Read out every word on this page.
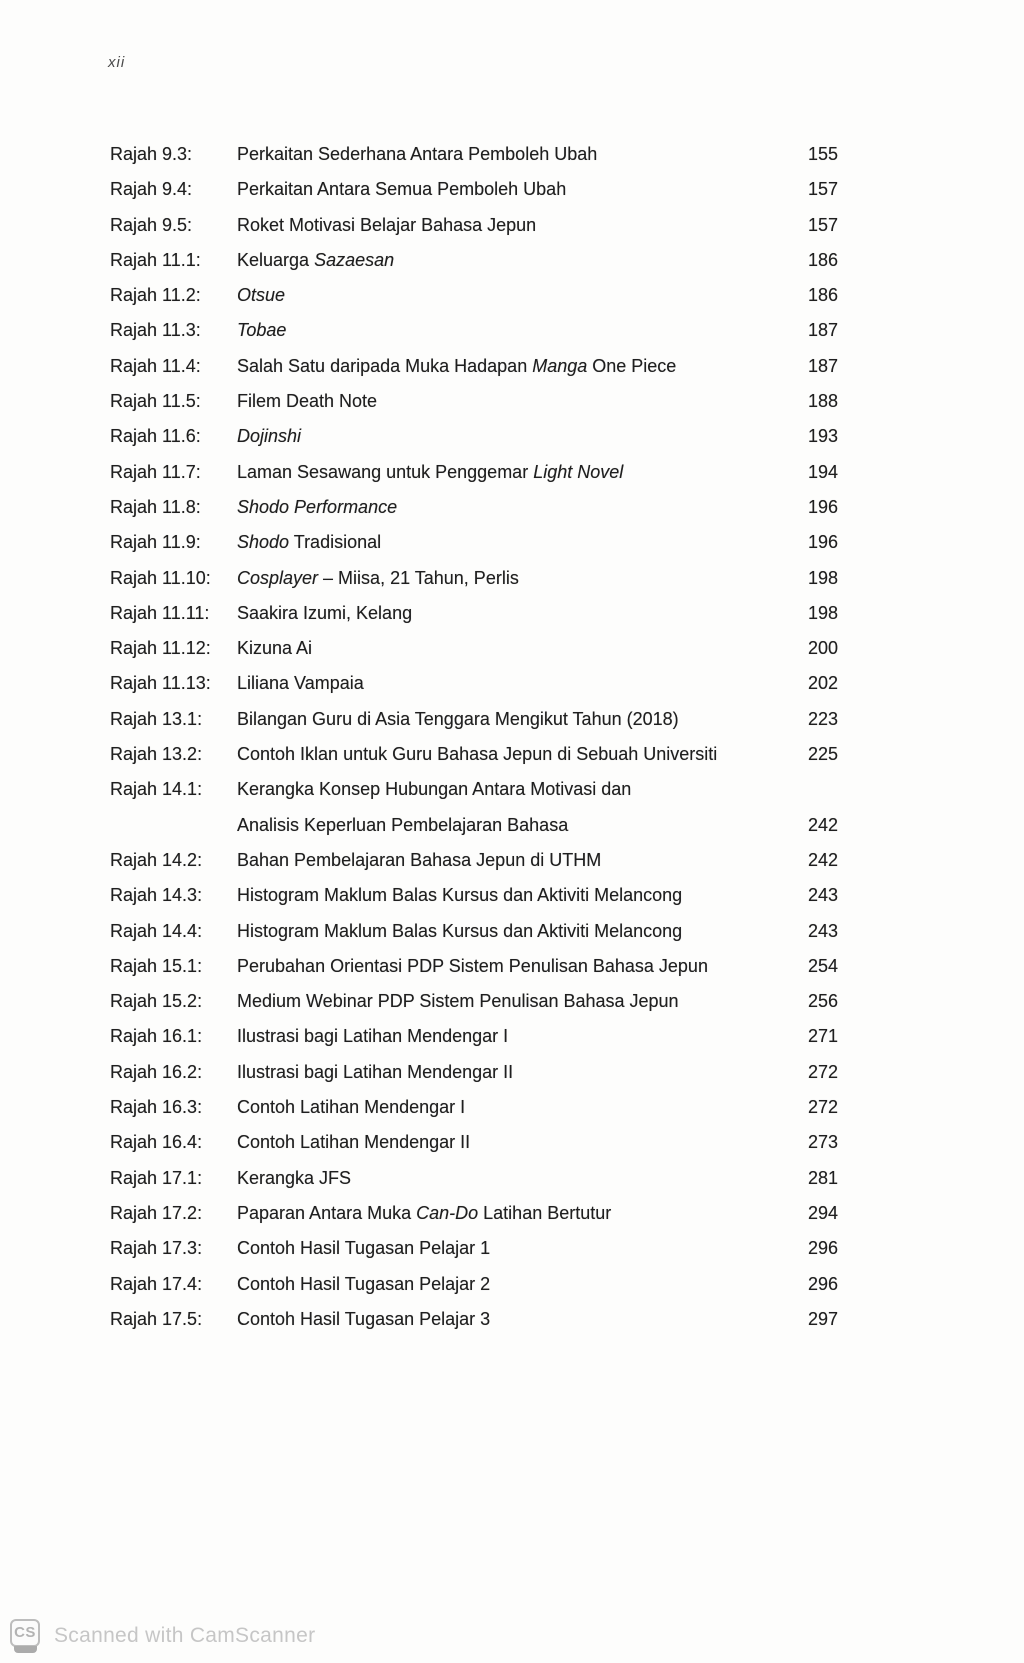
xii
Rajah 9.3:	Perkaitan Sederhana Antara Pemboleh Ubah	155
Rajah 9.4:	Perkaitan Antara Semua Pemboleh Ubah	157
Rajah 9.5:	Roket Motivasi Belajar Bahasa Jepun	157
Rajah 11.1:	Keluarga Sazaesan	186
Rajah 11.2:	Otsue	186
Rajah 11.3:	Tobae	187
Rajah 11.4:	Salah Satu daripada Muka Hadapan Manga One Piece	187
Rajah 11.5:	Filem Death Note	188
Rajah 11.6:	Dojinshi	193
Rajah 11.7:	Laman Sesawang untuk Penggemar Light Novel	194
Rajah 11.8:	Shodo Performance	196
Rajah 11.9:	Shodo Tradisional	196
Rajah 11.10:	Cosplayer – Miisa, 21 Tahun, Perlis	198
Rajah 11.11:	Saakira Izumi, Kelang	198
Rajah 11.12:	Kizuna Ai	200
Rajah 11.13:	Liliana Vampaia	202
Rajah 13.1:	Bilangan Guru di Asia Tenggara Mengikut Tahun (2018)	223
Rajah 13.2:	Contoh Iklan untuk Guru Bahasa Jepun di Sebuah Universiti	225
Rajah 14.1:	Kerangka Konsep Hubungan Antara Motivasi dan
Analisis Keperluan Pembelajaran Bahasa	242
Rajah 14.2:	Bahan Pembelajaran Bahasa Jepun di UTHM	242
Rajah 14.3:	Histogram Maklum Balas Kursus dan Aktiviti Melancong	243
Rajah 14.4:	Histogram Maklum Balas Kursus dan Aktiviti Melancong	243
Rajah 15.1:	Perubahan Orientasi PDP Sistem Penulisan Bahasa Jepun	254
Rajah 15.2:	Medium Webinar PDP Sistem Penulisan Bahasa Jepun	256
Rajah 16.1:	Ilustrasi bagi Latihan Mendengar I	271
Rajah 16.2:	Ilustrasi bagi Latihan Mendengar II	272
Rajah 16.3:	Contoh Latihan Mendengar I	272
Rajah 16.4:	Contoh Latihan Mendengar II	273
Rajah 17.1:	Kerangka JFS	281
Rajah 17.2:	Paparan Antara Muka Can-Do Latihan Bertutur	294
Rajah 17.3:	Contoh Hasil Tugasan Pelajar 1	296
Rajah 17.4:	Contoh Hasil Tugasan Pelajar 2	296
Rajah 17.5:	Contoh Hasil Tugasan Pelajar 3	297
CS Scanned with CamScanner
